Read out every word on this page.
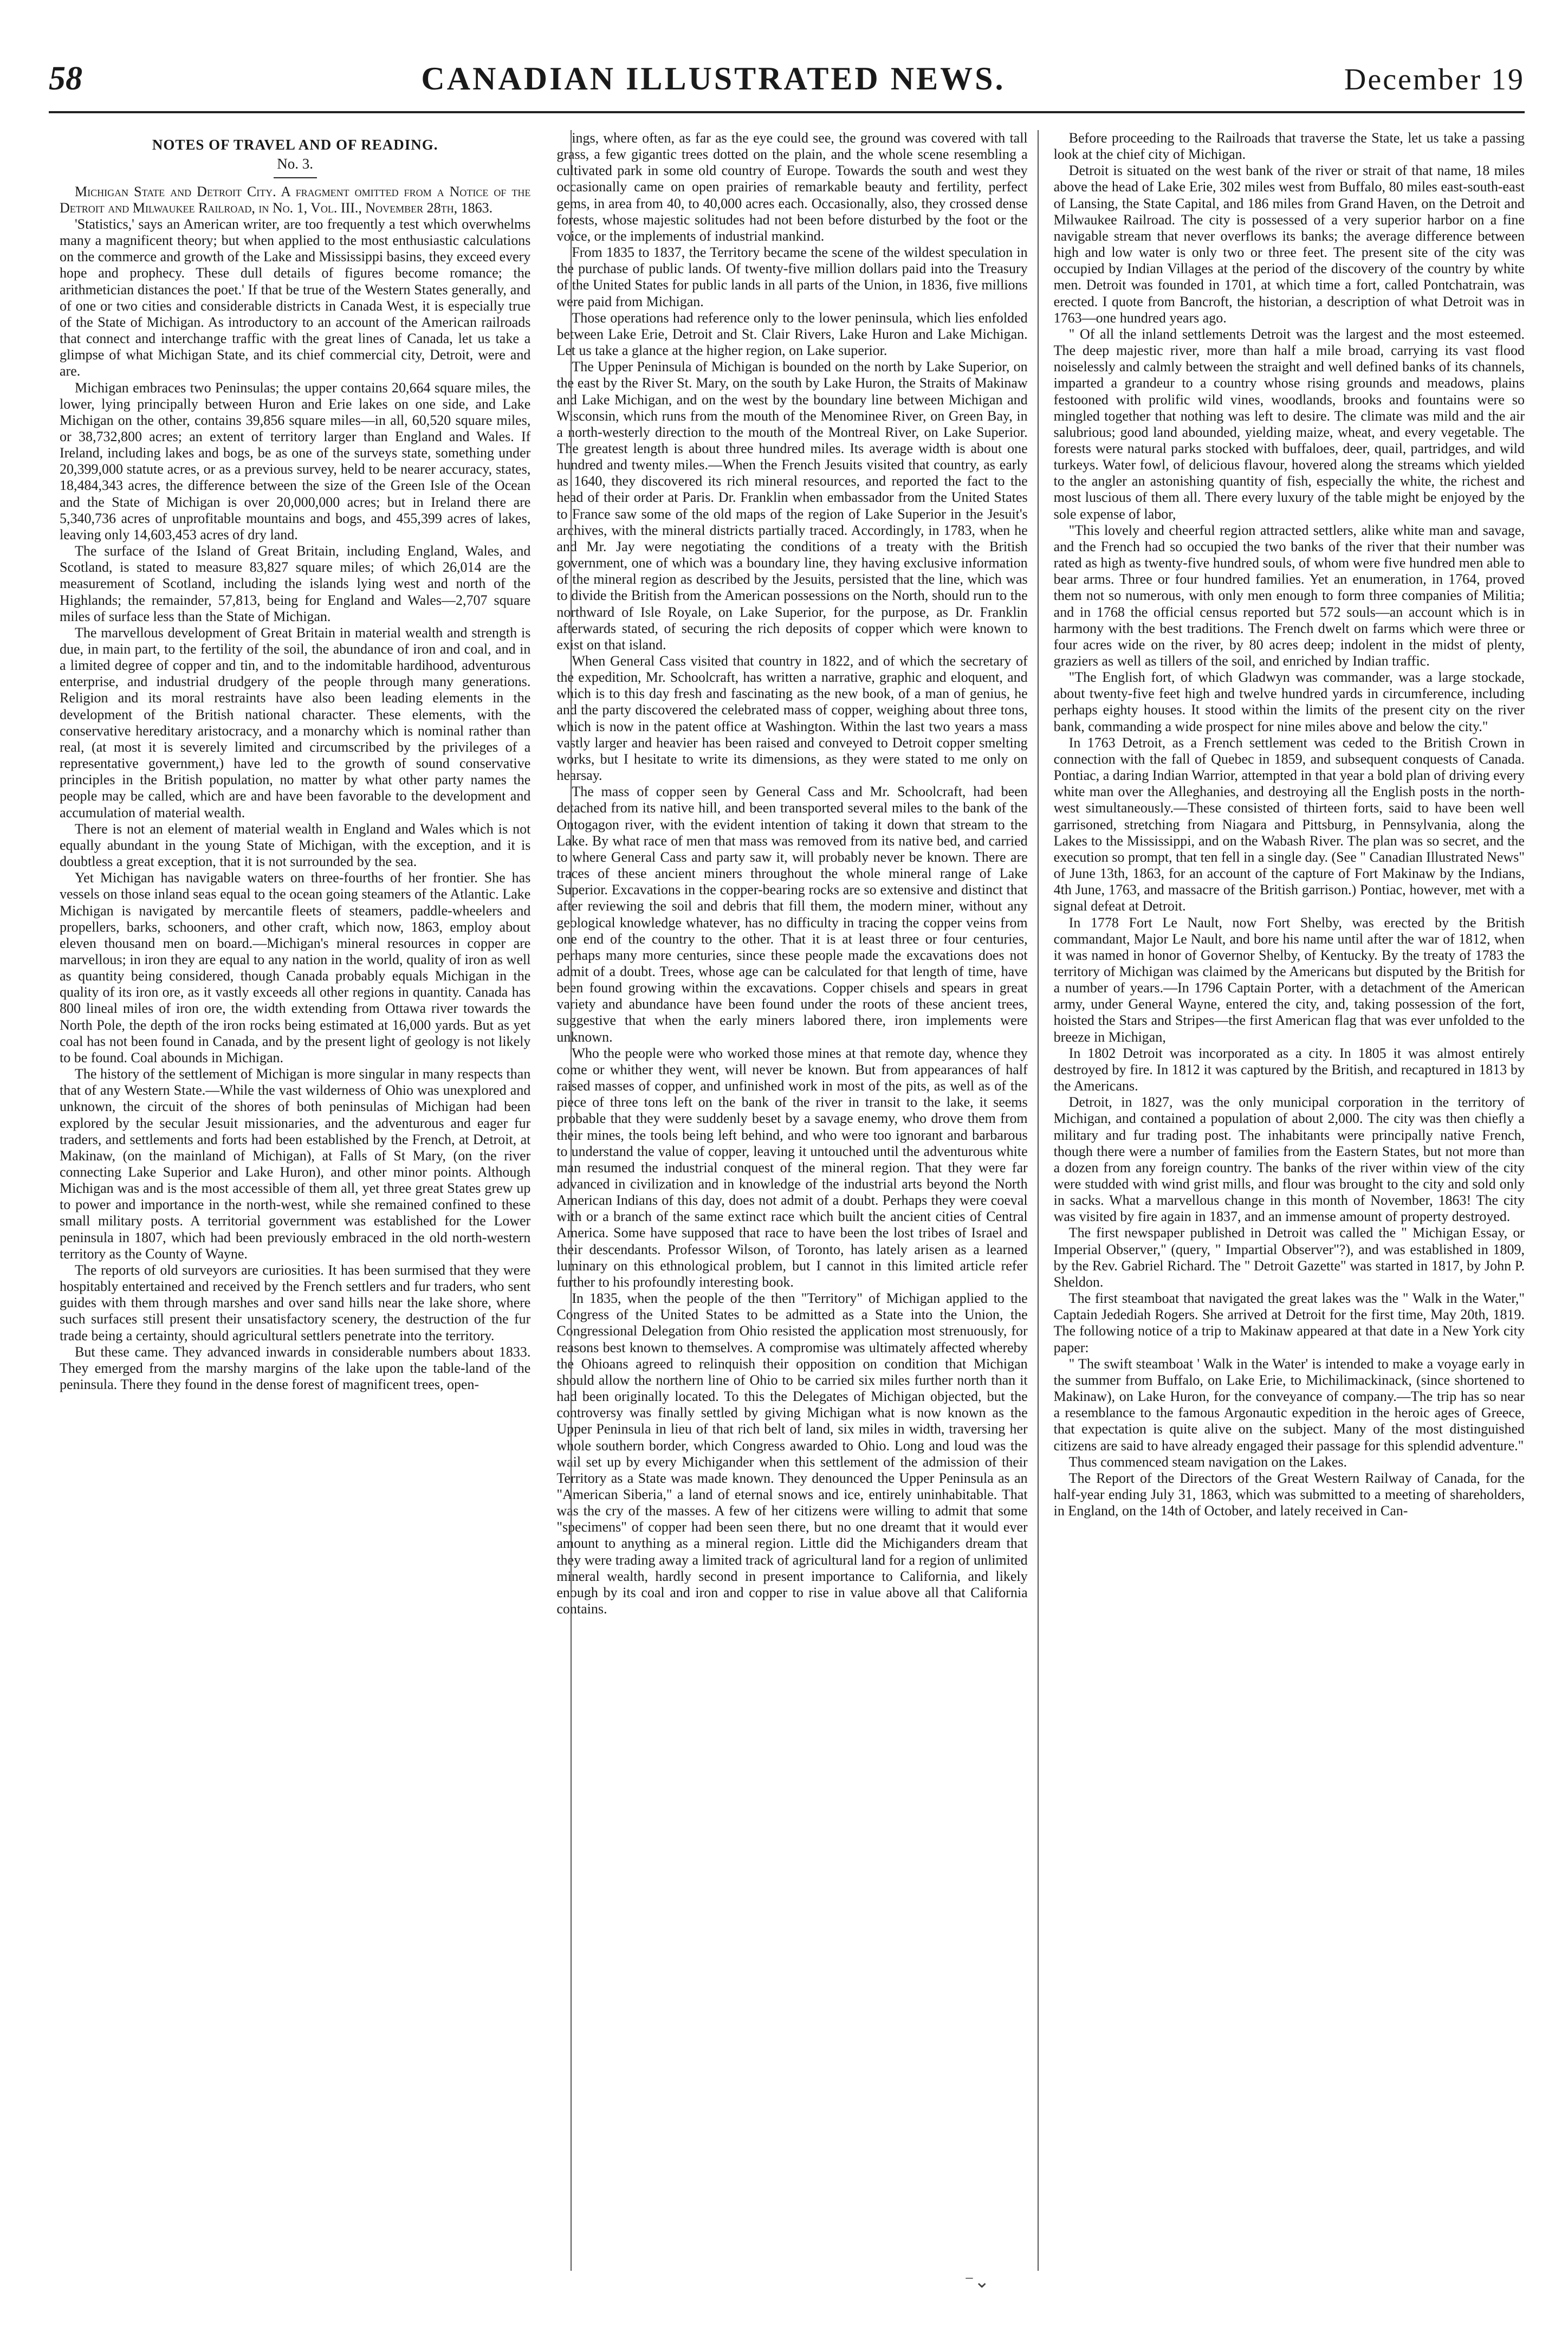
58	CANADIAN ILLUSTRATED NEWS.	December 19
NOTES OF TRAVEL AND OF READING.
No. 3.

Michigan State and Detroit City. A fragment omitted from a Notice of the Detroit and Milwaukee Railroad, in No. 1, Vol. III., November 28th, 1863.

'Statistics,' says an American writer, are too frequently a test which overwhelms many a magnificent theory; but when applied to the most enthusiastic calculations on the commerce and growth of the Lake and Mississippi basins, they exceed every hope and prophecy. These dull details of figures become romance; the arithmetician distances the poet.' If that be true of the Western States generally, and of one or two cities and considerable districts in Canada West, it is especially true of the State of Michigan. As introductory to an account of the American railroads that connect and interchange traffic with the great lines of Canada, let us take a glimpse of what Michigan State, and its chief commercial city, Detroit, were and are.

Michigan embraces two Peninsulas; the upper contains 20,664 square miles, the lower, lying principally between Huron and Erie lakes on one side, and Lake Michigan on the other, contains 39,856 square miles—in all, 60,520 square miles, or 38,732,800 acres; an extent of territory larger than England and Wales. If Ireland, including lakes and bogs, be as one of the surveys state, something under 20,399,000 statute acres, or as a previous survey, held to be nearer accuracy, states, 18,484,343 acres, the difference between the size of the Green Isle of the Ocean and the State of Michigan is over 20,000,000 acres; but in Ireland there are 5,340,736 acres of unprofitable mountains and bogs, and 455,399 acres of lakes, leaving only 14,603,453 acres of dry land.

The surface of the Island of Great Britain, including England, Wales, and Scotland, is stated to measure 83,827 square miles; of which 26,014 are the measurement of Scotland, including the islands lying west and north of the Highlands; the remainder, 57,813, being for England and Wales—2,707 square miles of surface less than the State of Michigan.

The marvellous development of Great Britain in material wealth and strength is due, in main part, to the fertility of the soil, the abundance of iron and coal, and in a limited degree of copper and tin, and to the indomitable hardihood, adventurous enterprise, and industrial drudgery of the people through many generations. Religion and its moral restraints have also been leading elements in the development of the British national character. These elements, with the conservative hereditary aristocracy, and a monarchy which is nominal rather than real, (at most it is severely limited and circumscribed by the privileges of a representative government,) have led to the growth of sound conservative principles in the British population, no matter by what other party names the people may be called, which are and have been favorable to the development and accumulation of material wealth.

There is not an element of material wealth in England and Wales which is not equally abundant in the young State of Michigan, with the exception, and it is doubtless a great exception, that it is not surrounded by the sea.

Yet Michigan has navigable waters on three-fourths of her frontier. She has vessels on those inland seas equal to the ocean going steamers of the Atlantic. Lake Michigan is navigated by mercantile fleets of steamers, paddle-wheelers and propellers, barks, schooners, and other craft, which now, 1863, employ about eleven thousand men on board.—Michigan's mineral resources in copper are marvellous; in iron they are equal to any nation in the world, quality of iron as well as quantity being considered, though Canada probably equals Michigan in the quality of its iron ore, as it vastly exceeds all other regions in quantity. Canada has 800 lineal miles of iron ore, the width extending from Ottawa river towards the North Pole, the depth of the iron rocks being estimated at 16,000 yards. But as yet coal has not been found in Canada, and by the present light of geology is not likely to be found. Coal abounds in Michigan.

The history of the settlement of Michigan is more singular in many respects than that of any Western State.—While the vast wilderness of Ohio was unexplored and unknown, the circuit of the shores of both peninsulas of Michigan had been explored by the secular Jesuit missionaries, and the adventurous and eager fur traders, and settlements and forts had been established by the French, at Detroit, at Makinaw, (on the mainland of Michigan), at Falls of St Mary, (on the river connecting Lake Superior and Lake Huron), and other minor points. Although Michigan was and is the most accessible of them all, yet three great States grew up to power and importance in the north-west, while she remained confined to these small military posts. A territorial government was established for the Lower peninsula in 1807, which had been previously embraced in the old north-western territory as the County of Wayne.

The reports of old surveyors are curiosities. It has been surmised that they were hospitably entertained and received by the French settlers and fur traders, who sent guides with them through marshes and over sand hills near the lake shore, where such surfaces still present their unsatisfactory scenery, the destruction of the fur trade being a certainty, should agricultural settlers penetrate into the territory.

But these came. They advanced inwards in considerable numbers about 1833. They emerged from the marshy margins of the lake upon the table-land of the peninsula. There they found in the dense forest of magnificent trees, open-

ings, where often, as far as the eye could see, the ground was covered with tall grass, a few gigantic trees dotted on the plain, and the whole scene resembling a cultivated park in some old country of Europe. Towards the south and west they occasionally came on open prairies of remarkable beauty and fertility, perfect gems, in area from 40, to 40,000 acres each. Occasionally, also, they crossed dense forests, whose majestic solitudes had not been before disturbed by the foot or the voice, or the implements of industrial mankind.

From 1835 to 1837, the Territory became the scene of the wildest speculation in the purchase of public lands. Of twenty-five million dollars paid into the Treasury of the United States for public lands in all parts of the Union, in 1836, five millions were paid from Michigan.

Those operations had reference only to the lower peninsula, which lies enfolded between Lake Erie, Detroit and St. Clair Rivers, Lake Huron and Lake Michigan. Let us take a glance at the higher region, on Lake superior.

The Upper Peninsula of Michigan is bounded on the north by Lake Superior, on the east by the River St. Mary, on the south by Lake Huron, the Straits of Makinaw and Lake Michigan, and on the west by the boundary line between Michigan and Wisconsin, which runs from the mouth of the Menominee River, on Green Bay, in a north-westerly direction to the mouth of the Montreal River, on Lake Superior. The greatest length is about three hundred miles. Its average width is about one hundred and twenty miles.—When the French Jesuits visited that country, as early as 1640, they discovered its rich mineral resources, and reported the fact to the head of their order at Paris. Dr. Franklin when embassador from the United States to France saw some of the old maps of the region of Lake Superior in the Jesuit's archives, with the mineral districts partially traced. Accordingly, in 1783, when he and Mr. Jay were negotiating the conditions of a treaty with the British government, one of which was a boundary line, they having exclusive information of the mineral region as described by the Jesuits, persisted that the line, which was to divide the British from the American possessions on the North, should run to the northward of Isle Royale, on Lake Superior, for the purpose, as Dr. Franklin afterwards stated, of securing the rich deposits of copper which were known to exist on that island.

When General Cass visited that country in 1822, and of which the secretary of the expedition, Mr. Schoolcraft, has written a narrative, graphic and eloquent, and which is to this day fresh and fascinating as the new book, of a man of genius, he and the party discovered the celebrated mass of copper, weighing about three tons, which is now in the patent office at Washington. Within the last two years a mass vastly larger and heavier has been raised and conveyed to Detroit copper smelting works, but I hesitate to write its dimensions, as they were stated to me only on hearsay.

The mass of copper seen by General Cass and Mr. Schoolcraft, had been detached from its native hill, and been transported several miles to the bank of the Ontogagon river, with the evident intention of taking it down that stream to the Lake. By what race of men that mass was removed from its native bed, and carried to where General Cass and party saw it, will probably never be known. There are traces of these ancient miners throughout the whole mineral range of Lake Superior. Excavations in the copper-bearing rocks are so extensive and distinct that after reviewing the soil and debris that fill them, the modern miner, without any geological knowledge whatever, has no difficulty in tracing the copper veins from one end of the country to the other. That it is at least three or four centuries, perhaps many more centuries, since these people made the excavations does not admit of a doubt. Trees, whose age can be calculated for that length of time, have been found growing within the excavations. Copper chisels and spears in great variety and abundance have been found under the roots of these ancient trees, suggestive that when the early miners labored there, iron implements were unknown.

Who the people were who worked those mines at that remote day, whence they come or whither they went, will never be known. But from appearances of half raised masses of copper, and unfinished work in most of the pits, as well as of the piece of three tons left on the bank of the river in transit to the lake, it seems probable that they were suddenly beset by a savage enemy, who drove them from their mines, the tools being left behind, and who were too ignorant and barbarous to understand the value of copper, leaving it untouched until the adventurous white man resumed the industrial conquest of the mineral region. That they were far advanced in civilization and in knowledge of the industrial arts beyond the North American Indians of this day, does not admit of a doubt. Perhaps they were coeval with or a branch of the same extinct race which built the ancient cities of Central America. Some have supposed that race to have been the lost tribes of Israel and their descendants. Professor Wilson, of Toronto, has lately arisen as a learned luminary on this ethnological problem, but I cannot in this limited article refer further to his profoundly interesting book.

In 1835, when the people of the then "Territory" of Michigan applied to the Congress of the United States to be admitted as a State into the Union, the Congressional Delegation from Ohio resisted the application most strenuously, for reasons best known to themselves. A compromise was ultimately affected whereby the Ohioans agreed to relinquish their opposition on condition that Michigan should allow the northern line of Ohio to be carried six miles further north than it had been originally located. To this the Delegates of Michigan objected, but the controversy was finally settled by giving Michigan what is now known as the Upper Peninsula in lieu of that rich belt of land, six miles in width, traversing her whole southern border, which Congress awarded to Ohio. Long and loud was the wail set up by every Michigander when this settlement of the admission of their Territory as a State was made known. They denounced the Upper Peninsula as an "American Siberia," a land of eternal snows and ice, entirely uninhabitable. That was the cry of the masses. A few of her citizens were willing to admit that some "specimens" of copper had been seen there, but no one dreamt that it would ever amount to anything as a mineral region. Little did the Michiganders dream that they were trading away a limited track of agricultural land for a region of unlimited mineral wealth, hardly second in present importance to California, and likely enough by its coal and iron and copper to rise in value above all that California contains.

Before proceeding to the Railroads that traverse the State, let us take a passing look at the chief city of Michigan.

Detroit is situated on the west bank of the river or strait of that name, 18 miles above the head of Lake Erie, 302 miles west from Buffalo, 80 miles east-south-east of Lansing, the State Capital, and 186 miles from Grand Haven, on the Detroit and Milwaukee Railroad. The city is possessed of a very superior harbor on a fine navigable stream that never overflows its banks; the average difference between high and low water is only two or three feet. The present site of the city was occupied by Indian Villages at the period of the discovery of the country by white men. Detroit was founded in 1701, at which time a fort, called Pontchatrain, was erected. I quote from Bancroft, the historian, a description of what Detroit was in 1763—one hundred years ago.

" Of all the inland settlements Detroit was the largest and the most esteemed. The deep majestic river, more than half a mile broad, carrying its vast flood noiselessly and calmly between the straight and well defined banks of its channels, imparted a grandeur to a country whose rising grounds and meadows, plains festooned with prolific wild vines, woodlands, brooks and fountains were so mingled together that nothing was left to desire. The climate was mild and the air salubrious; good land abounded, yielding maize, wheat, and every vegetable. The forests were natural parks stocked with buffaloes, deer, quail, partridges, and wild turkeys. Water fowl, of delicious flavour, hovered along the streams which yielded to the angler an astonishing quantity of fish, especially the white, the richest and most luscious of them all. There every luxury of the table might be enjoyed by the sole expense of labor,

"This lovely and cheerful region attracted settlers, alike white man and savage, and the French had so occupied the two banks of the river that their number was rated as high as twenty-five hundred souls, of whom were five hundred men able to bear arms. Three or four hundred families. Yet an enumeration, in 1764, proved them not so numerous, with only men enough to form three companies of Militia; and in 1768 the official census reported but 572 souls—an account which is in harmony with the best traditions. The French dwelt on farms which were three or four acres wide on the river, by 80 acres deep; indolent in the midst of plenty, graziers as well as tillers of the soil, and enriched by Indian traffic.

"The English fort, of which Gladwyn was commander, was a large stockade, about twenty-five feet high and twelve hundred yards in circumference, including perhaps eighty houses. It stood within the limits of the present city on the river bank, commanding a wide prospect for nine miles above and below the city."

In 1763 Detroit, as a French settlement was ceded to the British Crown in connection with the fall of Quebec in 1859, and subsequent conquests of Canada. Pontiac, a daring Indian Warrior, attempted in that year a bold plan of driving every white man over the Alleghanies, and destroying all the English posts in the north-west simultaneously.—These consisted of thirteen forts, said to have been well garrisoned, stretching from Niagara and Pittsburg, in Pennsylvania, along the Lakes to the Mississippi, and on the Wabash River. The plan was so secret, and the execution so prompt, that ten fell in a single day. (See " Canadian Illustrated News" of June 13th, 1863, for an account of the capture of Fort Makinaw by the Indians, 4th June, 1763, and massacre of the British garrison.) Pontiac, however, met with a signal defeat at Detroit.

In 1778 Fort Le Nault, now Fort Shelby, was erected by the British commandant, Major Le Nault, and bore his name until after the war of 1812, when it was named in honor of Governor Shelby, of Kentucky. By the treaty of 1783 the territory of Michigan was claimed by the Americans but disputed by the British for a number of years.—In 1796 Captain Porter, with a detachment of the American army, under General Wayne, entered the city, and, taking possession of the fort, hoisted the Stars and Stripes—the first American flag that was ever unfolded to the breeze in Michigan,

In 1802 Detroit was incorporated as a city. In 1805 it was almost entirely destroyed by fire. In 1812 it was captured by the British, and recaptured in 1813 by the Americans.

Detroit, in 1827, was the only municipal corporation in the territory of Michigan, and contained a population of about 2,000. The city was then chiefly a military and fur trading post. The inhabitants were principally native French, though there were a number of families from the Eastern States, but not more than a dozen from any foreign country. The banks of the river within view of the city were studded with wind grist mills, and flour was brought to the city and sold only in sacks. What a marvellous change in this month of November, 1863! The city was visited by fire again in 1837, and an immense amount of property destroyed.

The first newspaper published in Detroit was called the " Michigan Essay, or Imperial Observer," (query, " Impartial Observer"?), and was established in 1809, by the Rev. Gabriel Richard. The " Detroit Gazette" was started in 1817, by John P. Sheldon.

The first steamboat that navigated the great lakes was the " Walk in the Water," Captain Jedediah Rogers. She arrived at Detroit for the first time, May 20th, 1819. The following notice of a trip to Makinaw appeared at that date in a New York city paper:

" The swift steamboat ' Walk in the Water' is intended to make a voyage early in the summer from Buffalo, on Lake Erie, to Michilimackinack, (since shortened to Makinaw), on Lake Huron, for the conveyance of company.—The trip has so near a resemblance to the famous Argonautic expedition in the heroic ages of Greece, that expectation is quite alive on the subject. Many of the most distinguished citizens are said to have already engaged their passage for this splendid adventure."

Thus commenced steam navigation on the Lakes.

The Report of the Directors of the Great Western Railway of Canada, for the half-year ending July 31, 1863, which was submitted to a meeting of shareholders, in England, on the 14th of October, and lately received in Can-

⁻⌄
